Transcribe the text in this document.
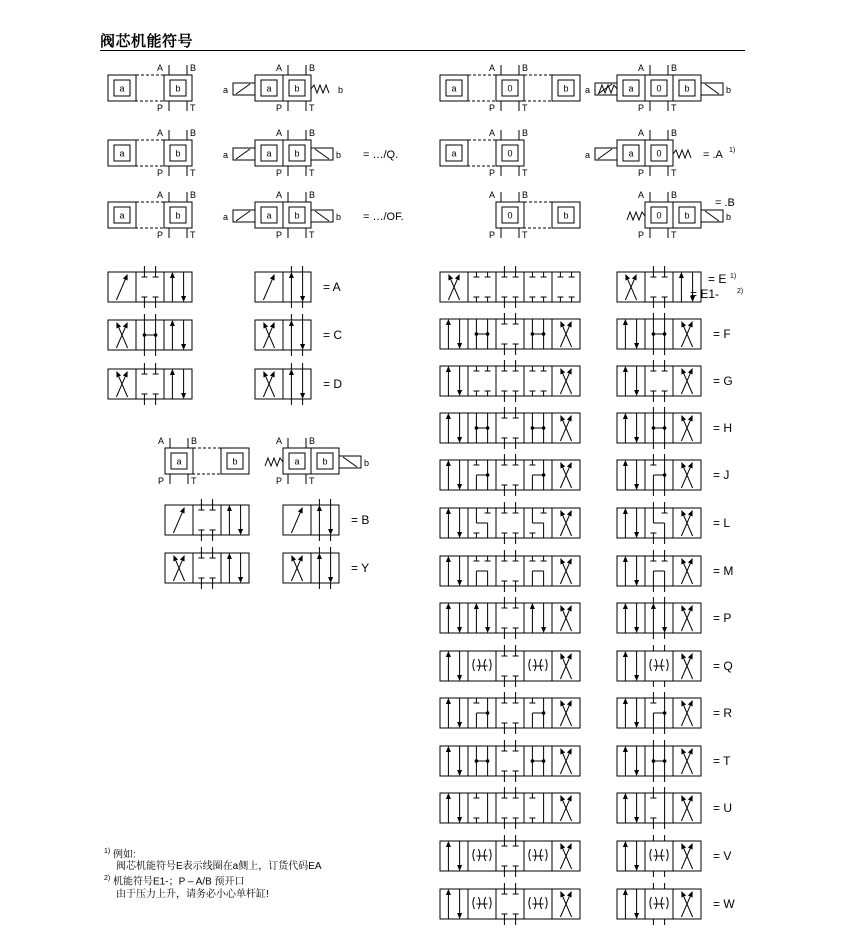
阀芯机能符号
a	b
A	B
P	T
a	b
A	B
P	T
a	b
A	B
P	T
a	b
A	B
P	T
a	b
a	b
A	B
P	T
a	b = …/Q.
a	b
A	B
P	T
a	b = …/OF.
a	0	b
A	B
P	T
a	0
A	B
P	T
0	b
A	B
P	T
a	0	b
A	B
P	T
a	b
a	0
A	B
P	T
a	= .A 1)
0	b
A	B
P	T
b
= .B
a	b
A	B
P	T
a	b
A	B
P	T
b
= A
= C
= D
= B
= Y
= E 1)
= E1-	2)
= F
= G
= H
= J
= L
= M
= P
= Q
= R
= T
= U
= V
= W
$^{1)}$ 例如:
阀芯机能符号E表示线圈在a侧上，订货代码EA
$^{2)}$ 机能符号E1-；P – A/B 预开口
由于压力上升，请务必小心单杆缸!
